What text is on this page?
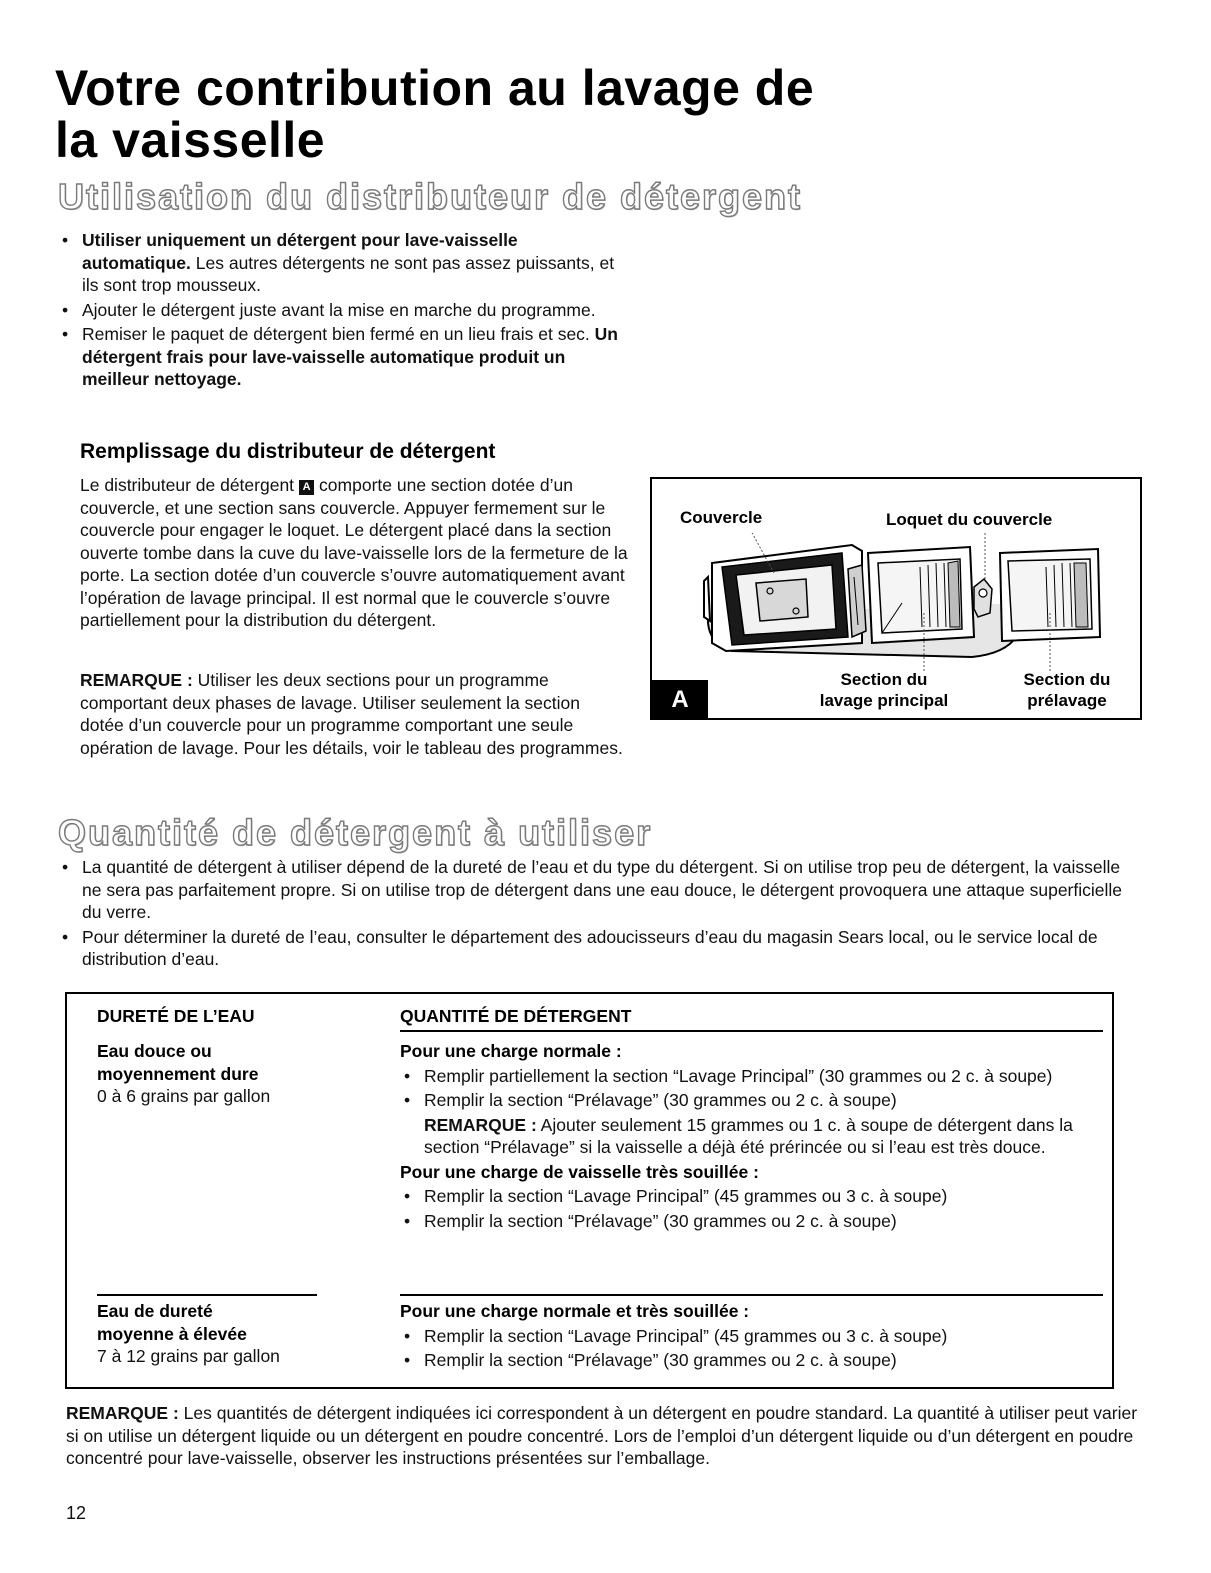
Votre contribution au lavage de
la vaisselle
Utilisation du distributeur de détergent
• Utiliser uniquement un détergent pour lave-vaisselle automatique. Les autres détergents ne sont pas assez puissants, et ils sont trop mousseux.
• Ajouter le détergent juste avant la mise en marche du programme.
• Remiser le paquet de détergent bien fermé en un lieu frais et sec. Un détergent frais pour lave-vaisselle automatique produit un meilleur nettoyage.
Remplissage du distributeur de détergent

Le distributeur de détergent A comporte une section dotée d’un couvercle, et une section sans couvercle. Appuyer fermement sur le couvercle pour engager le loquet. Le détergent placé dans la section ouverte tombe dans la cuve du lave-vaisselle lors de la fermeture de la porte. La section dotée d’un couvercle s’ouvre automatiquement avant l’opération de lavage principal. Il est normal que le couvercle s’ouvre partiellement pour la distribution du détergent.

REMARQUE : Utiliser les deux sections pour un programme comportant deux phases de lavage. Utiliser seulement la section dotée d’un couvercle pour un programme comportant une seule opération de lavage. Pour les détails, voir le tableau des programmes.

Couvercle	Loquet du couvercle
Section du
lavage principal
Section du
prélavage
A
Quantité de détergent à utiliser
• La quantité de détergent à utiliser dépend de la dureté de l’eau et du type du détergent. Si on utilise trop peu de détergent, la vaisselle ne sera pas parfaitement propre. Si on utilise trop de détergent dans une eau douce, le détergent provoquera une attaque superficielle du verre.
• Pour déterminer la dureté de l’eau, consulter le département des adoucisseurs d’eau du magasin Sears local, ou le service local de distribution d’eau.
DURETÉ DE L’EAU	QUANTITÉ DE DÉTERGENT
Eau douce ou
moyennement dure
0 à 6 grains par gallon
Pour une charge normale :
• Remplir partiellement la section “Lavage Principal” (30 grammes ou 2 c. à soupe)
• Remplir la section “Prélavage” (30 grammes ou 2 c. à soupe)

REMARQUE : Ajouter seulement 15 grammes ou 1 c. à soupe de détergent dans la section “Prélavage” si la vaisselle a déjà été prérincée ou si l’eau est très douce.

Pour une charge de vaisselle très souillée :
• Remplir la section “Lavage Principal” (45 grammes ou 3 c. à soupe)
• Remplir la section “Prélavage” (30 grammes ou 2 c. à soupe)
Eau de dureté
moyenne à élevée
7 à 12 grains par gallon
Pour une charge normale et très souillée :
• Remplir la section “Lavage Principal” (45 grammes ou 3 c. à soupe)
• Remplir la section “Prélavage” (30 grammes ou 2 c. à soupe)

REMARQUE : Les quantités de détergent indiquées ici correspondent à un détergent en poudre standard. La quantité à utiliser peut varier si on utilise un détergent liquide ou un détergent en poudre concentré. Lors de l’emploi d’un détergent liquide ou d’un détergent en poudre concentré pour lave-vaisselle, observer les instructions présentées sur l’emballage.

12
